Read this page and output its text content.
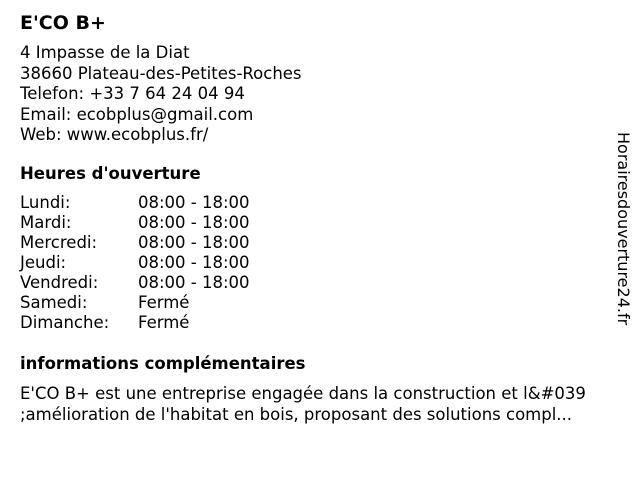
E'CO B+
4 Impasse de la Diat
38660 Plateau-des-Petites-Roches
Telefon: +33 7 64 24 04 94
Email: ecobplus@gmail.com
Web: www.ecobplus.fr/
Heures d'ouverture
Lundi:	08:00 - 18:00
Mardi:	08:00 - 18:00
Mercredi:	08:00 - 18:00
Jeudi:	08:00 - 18:00
Vendredi:	08:00 - 18:00
Samedi:	Fermé
Dimanche:	Fermé
informations complémentaires
E'CO B+ est une entreprise engagée dans la construction et l&#039
;amélioration de l'habitat en bois, proposant des solutions compl...
Horairesdouverture24.fr
